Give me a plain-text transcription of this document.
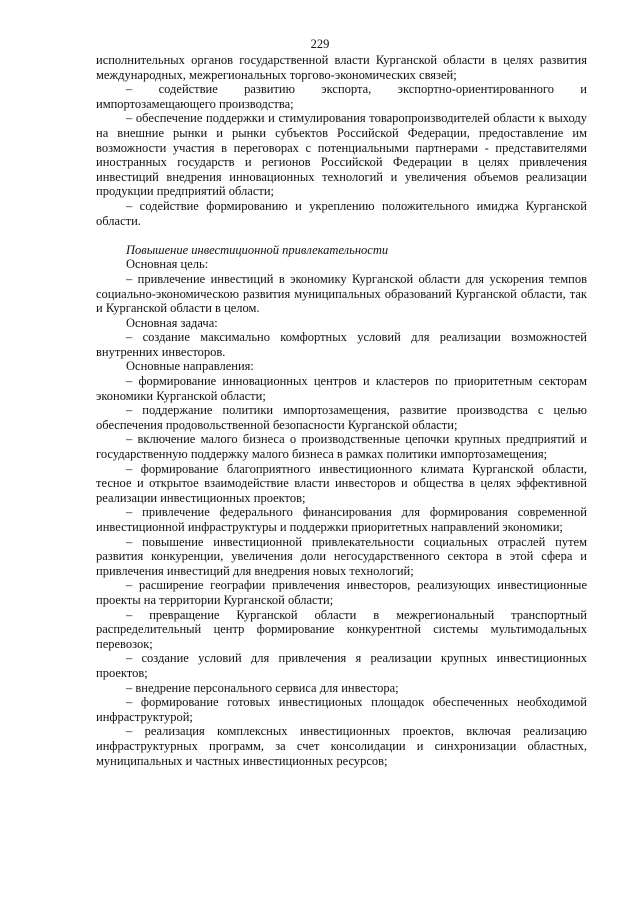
229

исполнительных органов государственной власти Курганской области в целях развития международных, межрегиональных торгово-экономических связей;

– содействие развитию экспорта, экспортно-ориентированного и импортозамещающего производства;

– обеспечение поддержки и стимулирования товаропроизводителей области к выходу на внешние рынки и рынки субъектов Российской Федерации, предоставление им возможности участия в переговорах с потенциальными партнерами - представителями иностранных государств и регионов Российской Федерации в целях привлечения инвестиций внедрения инновационных технологий и увеличения объемов реализации продукции предприятий области;

– содействие формированию и укреплению положительного имиджа Курганской области.

Повышение инвестиционной привлекательности

Основная цель:

– привлечение инвестиций в экономику Курганской области для ускорения темпов социально-экономическою развития муниципальных образований Курганской области, так и Курганской области в целом.

Основная задача:

– создание максимально комфортных условий для реализации возможностей внутренних инвесторов.

Основные направления:

– формирование инновационных центров и кластеров по приоритетным секторам экономики Курганской области;

– поддержание политики импортозамещения, развитие производства с целью обеспечения продовольственной безопасности Курганской области;

– включение малого бизнеса о производственные цепочки крупных предприятий и государственную поддержку малого бизнеса в рамках политики импортозамещения;

– формирование благоприятного инвестиционного климата Курганской области, тесное и открытое взаимодействие власти инвесторов и общества в целях эффективной реализации инвестиционных проектов;

– привлечение федерального финансирования для формирования современной инвестиционной инфраструктуры и поддержки приоритетных направлений экономики;

– повышение инвестиционной привлекательности социальных отраслей путем развития конкуренции, увеличения доли негосударственного сектора в этой сфера и привлечения инвестиций для внедрения новых технологий;

– расширение географии привлечения инвесторов, реализующих инвестиционные проекты на территории Курганской области;

– превращение Курганской области в межрегиональный транспортный распределительный центр формирование конкурентной системы мультимодальных перевозок;

– создание условий для привлечения я реализации крупных инвестиционных проектов;

– внедрение персонального сервиса для инвестора;

– формирование готовых инвестиционых площадок обеспеченных необходимой инфраструктурой;

– реализация комплексных инвестиционных проектов, включая реализацию инфраструктурных программ, за счет консолидации и синхронизации областных, муниципальных и частных инвестиционных ресурсов;
